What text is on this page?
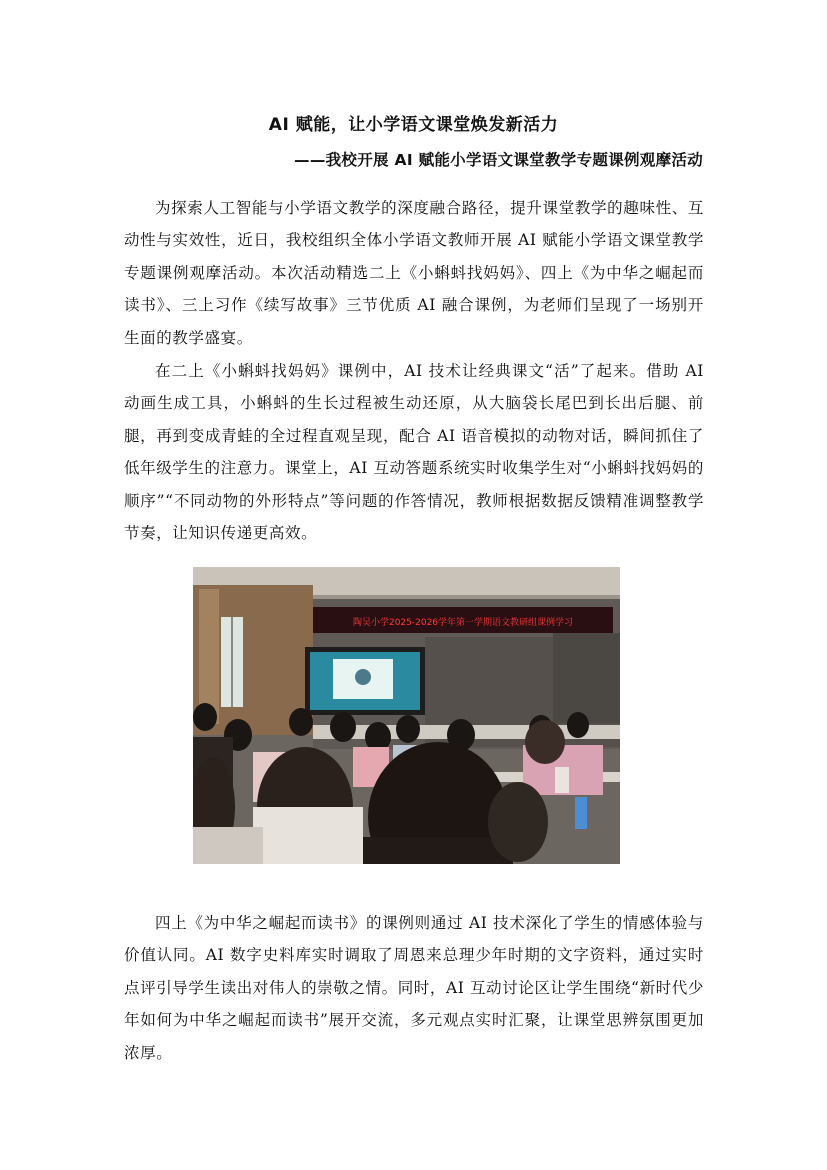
AI 赋能，让小学语文课堂焕发新活力
——我校开展 AI 赋能小学语文课堂教学专题课例观摩活动

为探索人工智能与小学语文教学的深度融合路径，提升课堂教学的趣味性、互动性与实效性，近日，我校组织全体小学语文教师开展 AI 赋能小学语文课堂教学专题课例观摩活动。本次活动精选二上《小蝌蚪找妈妈》、四上《为中华之崛起而读书》、三上习作《续写故事》三节优质 AI 融合课例，为老师们呈现了一场别开生面的教学盛宴。

在二上《小蝌蚪找妈妈》课例中，AI 技术让经典课文“活”了起来。借助 AI 动画生成工具，小蝌蚪的生长过程被生动还原，从大脑袋长尾巴到长出后腿、前腿，再到变成青蛙的全过程直观呈现，配合 AI 语音模拟的动物对话，瞬间抓住了低年级学生的注意力。课堂上，AI 互动答题系统实时收集学生对“小蝌蚪找妈妈的顺序”“不同动物的外形特点”等问题的作答情况，教师根据数据反馈精准调整教学节奏，让知识传递更高效。

陶吴小学2025-2026学年第一学期语文教研组课例学习

四上《为中华之崛起而读书》的课例则通过 AI 技术深化了学生的情感体验与价值认同。AI 数字史料库实时调取了周恩来总理少年时期的文字资料，通过实时点评引导学生读出对伟人的崇敬之情。同时，AI 互动讨论区让学生围绕“新时代少年如何为中华之崛起而读书”展开交流，多元观点实时汇聚，让课堂思辨氛围更加浓厚。
